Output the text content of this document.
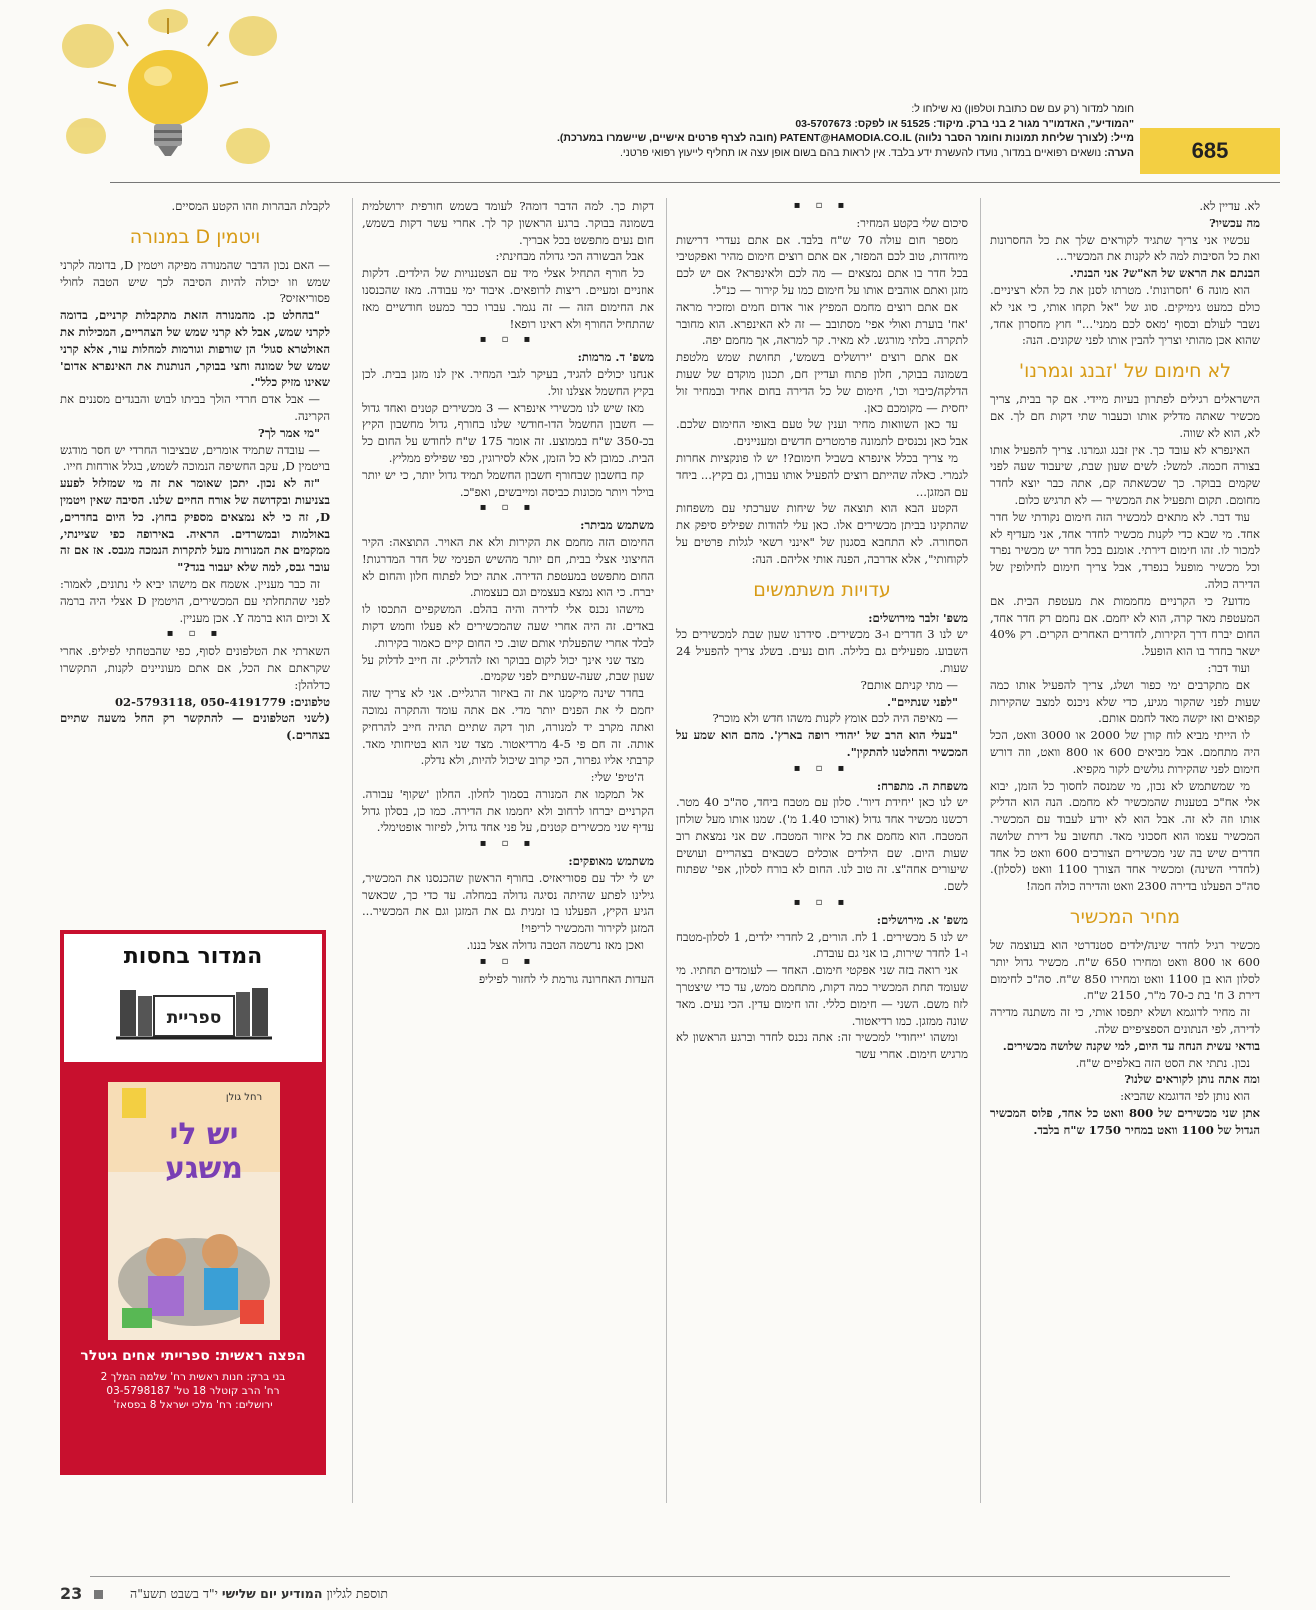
חומר למדור (רק עם שם כתובת וטלפון) נא שילחו ל:
"המודיע", האדמו"ר מגור 2 בני ברק. מיקוד: 51525 או לפקס: 03-5707673
מייל: (לצורך שליחת תמונות וחומר הסבר נלווה) PATENT@HAMODIA.CO.IL (חובה לצרף פרטים אישיים, שיישמרו במערכת).
הערה: נושאים רפואיים במדור, נועדו להעשרת ידע בלבד. אין לראות בהם בשום אופן עצה או תחליף לייעוץ רפואי פרטני.	685

לא. עדיין לא.

מה עכשיו?

עכשיו אני צריך שתגיד לקוראים שלך את כל החסרונות ואת כל הסיבות למה לא לקנות את המכשיר...

הבנתם את הראש של הא"ש? אני הבנתי.

הוא מונה 6 'חסרונות'. מטרתו לסנן את כל הלא רציניים. כולם כמעט גימיקים. סוג של "אל תקחו אותי, כי אני לא נשבר לעולם ובסוף 'מאס לכם ממני'..." חוץ מחסרון אחד, שהוא אכן מהותי וצריך להבין אותו לפני שקונים. הנה:

לא חימום של 'זבנג וגמרנו'

הישראלים רגילים לפתרון בעיות מיידי. אם קר בבית, צריך מכשיר שאתה מדליק אותו וכעבור שתי דקות חם לך. אם לא, הוא לא שווה.

האינפרא לא עובד כך. אין זבנג וגמרנו. צריך להפעיל אותו בצורה חכמה. למשל: לשים שעון שבת, שיעבוד שעה לפני שקמים בבוקר. כך שכשאתה קם, אתה כבר יוצא לחדר מחומם. תקום ותפעיל את המכשיר — לא תרגיש כלום.

עוד דבר. לא מתאים למכשיר הזה חימום נקודתי של חדר אחד. מי שבא כדי לקנות מכשיר לחדר אחד, אני מעדיף לא למכור לו. זהו חימום דירתי. אומנם בכל חדר יש מכשיר נפרד וכל מכשיר מופעל בנפרד, אבל צריך חימום לחילופין של הדירה כולה.

מדוע? כי הקרניים מחממות את מעטפת הבית. אם המעטפת מאד קרה, הוא לא יחמם. אם נחמם רק חדר אחד, החום יברח דרך הקירות, לחדרים האחרים הקרים. רק 40% ישאר בחדר בו הוא הופעל.

ועוד דבר:

אם מתקרבים ימי כפור ושלג, צריך להפעיל אותו כמה שעות לפני שהקור מגיע, כדי שלא ניכנס למצב שהקירות קפואים ואז יקשה מאד לחמם אותם.

לו הייתי מביא לוח קורן של 2000 או 3000 וואט, הכל היה מתחמם. אבל מביאים 600 או 800 וואט, וזה דורש חימום לפני שהקירות גולשים לקור מקפיא.

מי שמשתמש לא נכון, מי שמנסה לחסוך כל הזמן, יבוא אלי אח"כ בטענות שהמכשיר לא מחמם. הנה הוא הדליק אותו וזה לא זה. אבל הוא לא יודע לעבוד עם המכשיר. המכשיר עצמו הוא חסכוני מאד. תחשוב על דירת שלושה חדרים שיש בה שני מכשירים הצורכים 600 וואט כל אחד (לחדרי השינה) ומכשיר אחד הצורך 1100 וואט (לסלון). סה"כ הפעלנו בדירה 2300 וואט והדירה כולה חמה!

מחיר המכשיר

מכשיר רגיל לחדר שינה/ילדים סטנדרטי הוא בעוצמה של 600 או 800 וואט ומחירו 650 ש"ח. מכשיר גדול יותר לסלון הוא בן 1100 וואט ומחירו 850 ש"ח. סה"כ לחימום דירת 3 ח' בת כ-70 מ"ר, 2150 ש"ח.

זה מחיר לדוגמא ושלא יתפסו אותי, כי זה משתנה מדירה לדירה, לפי הנתונים הספציפיים שלה.

בודאי עשית הנחה עד היום, למי שקנה שלושה מכשירים.

נכון. נתתי את הסט הזה באלפיים ש"ח.

ומה אתה נותן לקוראים שלנו?

הוא נותן לפי הדוגמא שהביא:

אתן שני מכשירים של 800 וואט כל אחד, פלוס המכשיר הגדול של 1100 וואט במחיר 1750 ש"ח בלבד.

▪ ▫ ▪

סיכום שלי בקטע המחיר:

מספר חום עולה 70 ש"ח בלבד. אם אתם נעדרי דרישות מיוחדות, טוב לכם המפזר, אם אתם רוצים חימום מהיר ואפקטיבי בכל חדר בו אתם נמצאים — מה לכם ולאינפרא? אם יש לכם מזגן ואתם אוהבים אותו על חימום כמו על קירור — כנ"ל.

אם אתם רוצים מחמם המפיץ אור אדום חמים ומזכיר מראה 'אח' בוערת ואולי אפי' מסתובב — זה לא האינפרא. הוא מחובר לתקרה. בלתי מורגש. לא מאיר. קר למראה, אך מחמם יפה.

אם אתם רוצים 'ירושלים בשמש', תחושת שמש מלטפת בשמונה בבוקר, חלון פתוח ועדיין חם, תכנון מוקדם של שעות הדלקה/כיבוי וכו', חימום של כל הדירה בחום אחיד ובמחיר זול יחסית — מקומכם כאן.

עד כאן השוואות מחיר וענין של טעם באופי החימום שלכם. אבל כאן נכנסים לתמונה פרמטרים חדשים ומעניינים.

מי צריך בכלל אינפרא בשביל חימום?! יש לו פונקציות אחרות לגמרי. כאלה שהייתם רוצים להפעיל אותו עבורן, גם בקיץ... ביחד עם המזגן...

הקטע הבא הוא תוצאה של שיחות שערכתי עם משפחות שהתקינו בביתן מכשירים אלו. כאן עלי להודות שפיליפ סיפק את הסחורה. לא התחבא בסגנון של "אינני רשאי לגלות פרטים על לקוחותי", אלא אדרבה, הפנה אותי אליהם. הנה:

עדויות משתמשים

משפ' זלבר מירושלים:

יש לנו 3 חדרים ו-3 מכשירים. סידרנו שעון שבת למכשירים כל השבוע. מפעילים גם בלילה. חום נעים. בשלג צריך להפעיל 24 שעות.

— מתי קניתם אותם?

"לפני שנתיים".

— מאיפה היה לכם אומץ לקנות משהו חדש ולא מוכר?

"בעלי הוא הרב של 'יהודי רופה בארץ'. מהם הוא שמע על המכשיר והחלטנו להתקין".

▪ ▫ ▪

משפחת ה. מתפרח:

יש לנו כאן 'יחידת דיור'. סלון עם מטבח ביחד, סה"כ 40 מטר. רכשנו מכשיר אחד גדול (אורכו 1.40 מ'). שמנו אותו מעל שולחן המטבח. הוא מחמם את כל איזור המטבח. שם אני נמצאת רוב שעות היום. שם הילדים אוכלים כשבאים בצהריים ועושים שיעורים אחה"צ. זה טוב לנו. החום לא בורח לסלון, אפי' שפתוח לשם.

▪ ▫ ▪

משפ' א. מירושלים:

יש לנו 5 מכשירים. 1 לח. הורים, 2 לחדרי ילדים, 1 לסלון-מטבח ו-1 לחדר שירות, בו אני גם עובדת.

אני רואה בזה שני אפקטי חימום. האחד — לעומדים תחתיו. מי שעומד תחת המכשיר כמה דקות, מתחמם ממש, עד כדי שיצטרך לזוז משם. השני — חימום כללי. זהו חימום עדין. הכי נעים. מאד שונה ממזגן. כמו רדיאטור.

ומשהו 'ייחודי' למכשיר זה: אתה נכנס לחדר וברגע הראשון לא מרגיש חימום. אחרי עשר

דקות כך. למה הדבר דומה? לעומד בשמש חורפית ירושלמית בשמונה בבוקר. ברגע הראשון קר לך. אחרי עשר דקות בשמש, חום נעים מתפשט בכל אבריך.

אבל הבשורה הכי גדולה מבחינתי:

כל חורף התחיל אצלי מיד עם הצטננויות של הילדים. דלקות אוזניים ומעיים. ריצות לרופאים. איבוד ימי עבודה. מאז שהכנסנו את החימום הזה — זה נגמר. עברו כבר כמעט חודשיים מאז שהתחיל החורף ולא ראינו רופא!

▪ ▫ ▪

משפ' ד. מרמות:

אנחנו יכולים להגיד, בעיקר לגבי המחיר. אין לנו מזגן בבית. לכן בקיץ החשמל אצלנו זול.

מאז שיש לנו מכשירי אינפרא — 3 מכשירים קטנים ואחד גדול — חשבון החשמל הדו-חודשי שלנו בחורף, גדול מחשבון הקיץ בכ-350 ש"ח בממוצע. זה אומר 175 ש"ח לחודש על החום כל הבית. כמובן לא כל הזמן, אלא לסירוגין, כפי שפיליפ ממליץ.

קח בחשבון שבחורף חשבון החשמל תמיד גדול יותר, כי יש יותר בוילר ויותר מכונות כביסה ומייבשים, ואפ"כ.

▪ ▫ ▪

משתמש מביתר:

החימום הזה מחמם את הקירות ולא את האויר. התוצאה: הקיר החיצוני אצלי בבית, חם יותר מהשיש הפנימי של חדר המדרגות! החום מתפשט במעטפת הדירה. אתה יכול לפתוח חלון והחום לא יברח. כי הוא נמצא בעצמים וגם בעצמות.

מישהו נכנס אלי לדירה והיה בהלם. המשקפיים התכסו לו באדים. זה היה אחרי שעה שהמכשירים לא פעלו וחמש דקות לבלד אחרי שהפעלתי אותם שוב. כי החום קיים כאמור בקירות.

מצד שני אינך יכול לקום בבוקר ואז להדליק. זה חייב לדלוק על שעון שבת, שעה-שעתיים לפני שקמים.

בחדר שינה מיקמנו את זה באיזור הרגליים. אני לא צריך שזה יחמם לי את הפנים יותר מדי. אם אתה עומד והתקרה נמוכה ואתה מקרב יד למנורה, תוך דקה שתיים תהיה חייב להרחיק אותה. זה חם פי 4-5 מרדיאטור. מצד שני הוא בטיחותי מאד. קרבתי אליו גפרור, הכי קרוב שיכול להיות, ולא נדלק.

ה'טיפ' שלי:

אל תמקמו את המנורה בסמוך לחלון. החלון 'שקוף' עבורה. הקרניים יברחו לרחוב ולא יחממו את הדירה. כמו כן, בסלון גדול עדיף שני מכשירים קטנים, על פני אחד גדול, לפיזור אופטימלי.

▪ ▫ ▪

משתמש מאופקים:

יש לי ילד עם פסוריאזיס. בחורף הראשון שהכנסנו את המכשיר, גילינו לפתע שהיתה נסיגה גדולה במחלה. עד כדי כך, שכאשר הגיע הקיץ, הפעלנו בו זמנית גם את המזגן וגם את המכשיר... המזגן לקירור והמכשיר לריפוי!

ואכן מאז נרשמה הטבה גדולה אצל בננו.

▪ ▫ ▪

העדות האחרונה גורמת לי לחזור לפיליפ

לקבלת הבהרות וזהו הקטע המסיים.

ויטמין D במנורה

— האם נכון הדבר שהמנורה מפיקה ויטמין D, בדומה לקרני שמש וזו יכולה להיות הסיבה לכך שיש הטבה לחולי פסוריאזיס?

"בהחלט כן. מהמנורה הזאת מתקבלות קרניים, בדומה לקרני שמש, אבל לא קרני שמש של הצהריים, המכילות את האולטרא סגול' הן שורפות וגורמות למחלות עור, אלא קרני שמש של שמונה וחצי בבוקר, הנותנות את האינפרא אדום' שאינו מזיק כלל".

— אבל אדם חרדי הולך בביתו לבוש והבגדים מסננים את הקרינה.

"מי אמר לך?

— עובדה שתמיד אומרים, שבציבור החרדי יש חסר מודגש בויטמין D, עקב החשיפה הנמוכה לשמש, בגלל אורחות חייו.

"זה לא נכון. יתכן שאומר את זה מי שמזלזל לפעע בצניעות ובקדושה של אורח החיים שלנו. הסיבה שאין ויטמין D, זה כי לא נמצאים מספיק בחוץ. כל היום בחדרים, באולמות ובמשרדים. הראיה. באירופה כפי שציינתי, ממקמים את המנורות מעל לתקרות הנמכה מגבס. אז אם זה עובר גבס, למה שלא יעבור בגד?"

זה כבר מעניין. אשמח אם מישהו יביא לי נתונים, לאמור: לפני שהתחלתי עם המכשירים, הויטמין D אצלי היה ברמה X וכיום הוא ברמה Y. אכן מעניין.

▪ ▫ ▪

השארתי את הטלפונים לסוף, כפי שהבטחתי לפיליפ. אחרי שקראתם את הכל, אם אתם מעוניינים לקנות, התקשרו כדלהלן:

טלפונים: 02-5793118, 050-4191779

(לשני הטלפונים — להתקשר רק החל משעה שתיים בצהרים.)

המדור בחסות
ספריית
רחל גולן
יש לי
משגע
הפצה ראשית: ספרייתי אחים גיטלר
בני ברק: חנות ראשית רח' שלמה המלך 2
רח' הרב קוטלר 18 טל' 03-5798187
ירושלים: רח' מלכי ישראל 8 בפסאז'
23	תוספת לגליון המודיע יום שלישי י"ד בשבט תשע"ה
